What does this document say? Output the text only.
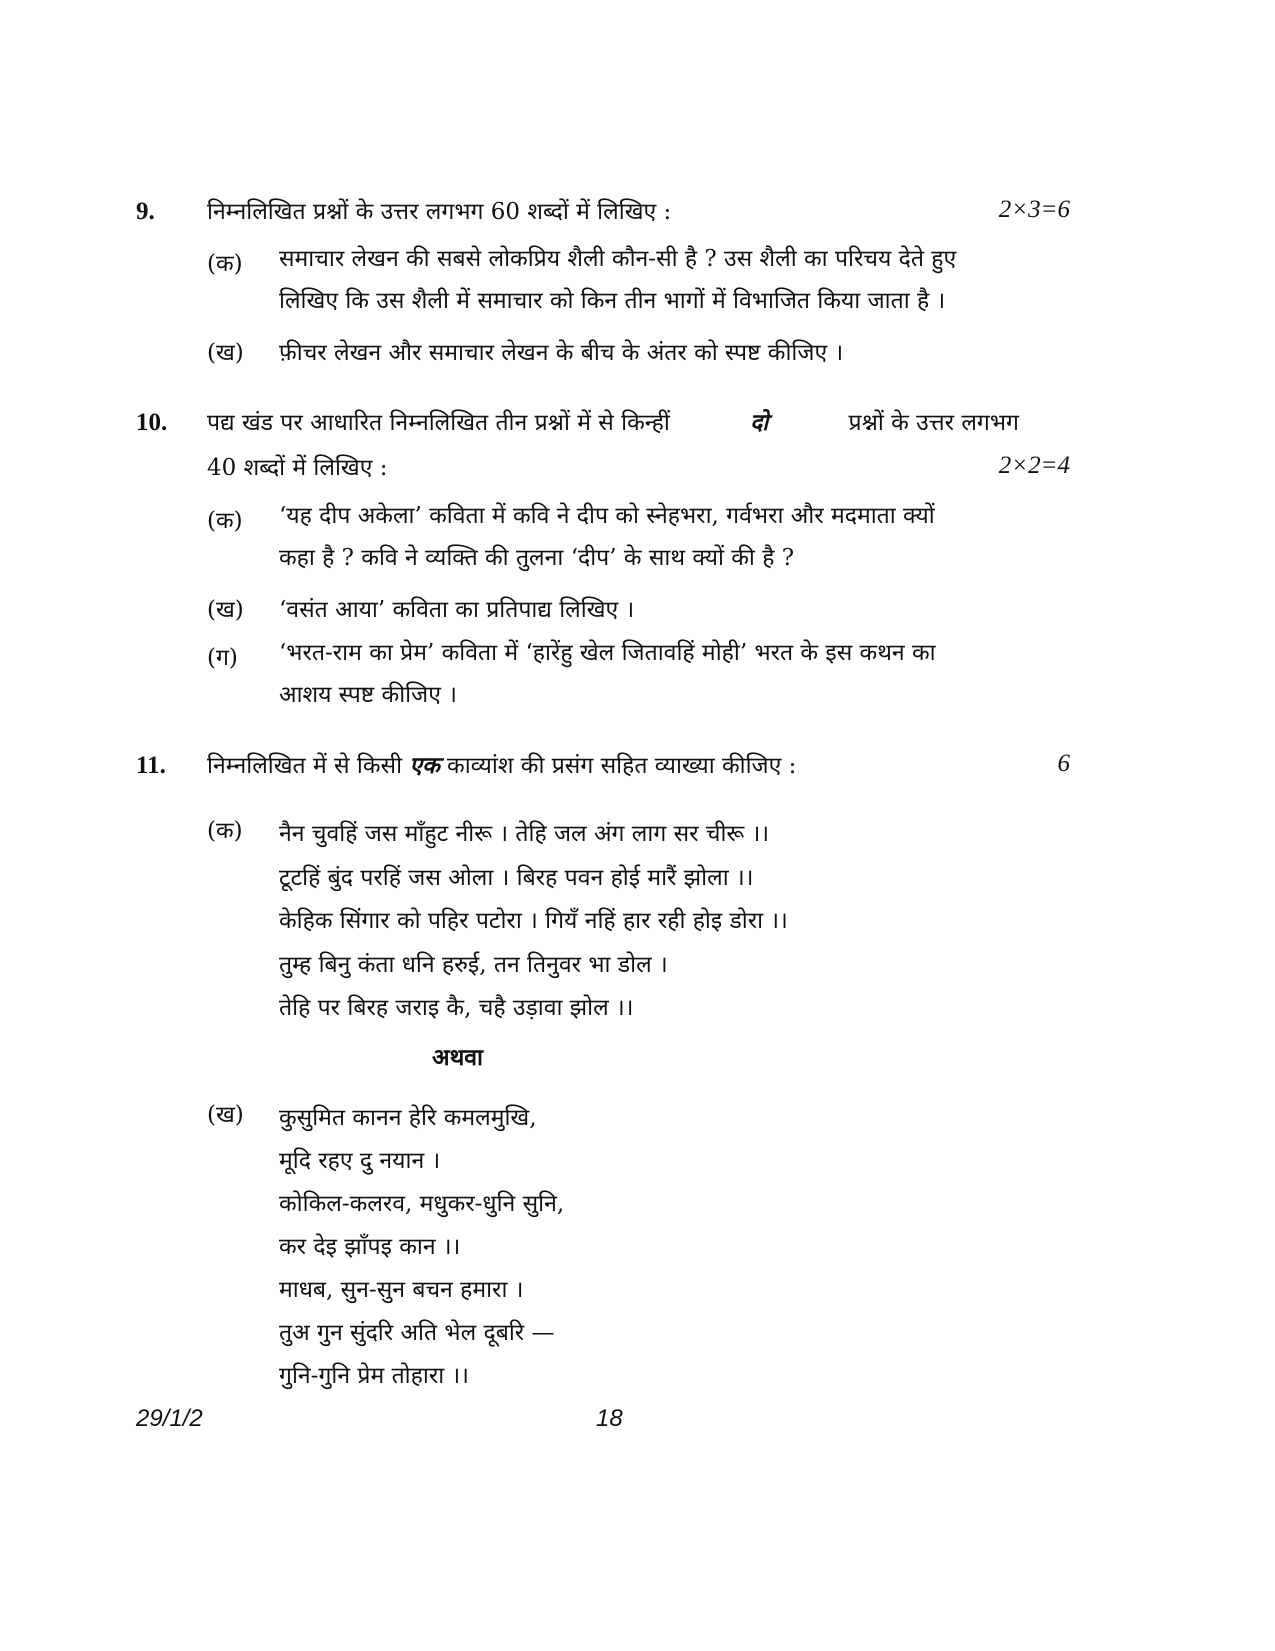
9. निम्नलिखित प्रश्नों के उत्तर लगभग 60 शब्दों में लिखिए :	2×3=6
(क) समाचार लेखन की सबसे लोकप्रिय शैली कौन-सी है ? उस शैली का परिचय देते हुए
लिखिए कि उस शैली में समाचार को किन तीन भागों में विभाजित किया जाता है ।
(ख) फ़ीचर लेखन और समाचार लेखन के बीच के अंतर को स्पष्ट कीजिए ।
10. पद्य खंड पर आधारित निम्नलिखित तीन प्रश्नों में से किन्हीं	दो	प्रश्नों के उत्तर लगभग
40 शब्दों में लिखिए :	2×2=4
(क) ‘यह दीप अकेला’ कविता में कवि ने दीप को स्नेहभरा, गर्वभरा और मदमाता क्यों
कहा है ? कवि ने व्यक्ति की तुलना ‘दीप’ के साथ क्यों की है ?
(ख) ‘वसंत आया’ कविता का प्रतिपाद्य लिखिए ।
(ग) ‘भरत-राम का प्रेम’ कविता में ‘हारेंहु खेल जितावहिं मोही’ भरत के इस कथन का
आशय स्पष्ट कीजिए ।
11. निम्नलिखित में से किसी एक काव्यांश की प्रसंग सहित व्याख्या कीजिए :	6
(क) नैन चुवहिं जस माँहुट नीरू । तेहि जल अंग लाग सर चीरू ।।
टूटहिं बुंद परहिं जस ओला । बिरह पवन होई मारैं झोला ।।
केहिक सिंगार को पहिर पटोरा । गियँ नहिं हार रही होइ डोरा ।।
तुम्ह बिनु कंता धनि हरुई, तन तिनुवर भा डोल ।
तेहि पर बिरह जराइ कै, चहै उड़ावा झोल ।।
अथवा
(ख) कुसुमित कानन हेरि कमलमुखि,
मूदि रहए दु नयान ।
कोकिल-कलरव, मधुकर-धुनि सुनि,
कर देइ झाँपइ कान ।।
माधब, सुन-सुन बचन हमारा ।
तुअ गुन सुंदरि अति भेल दूबरि —
गुनि-गुनि प्रेम तोहारा ।।
29/1/2	18
